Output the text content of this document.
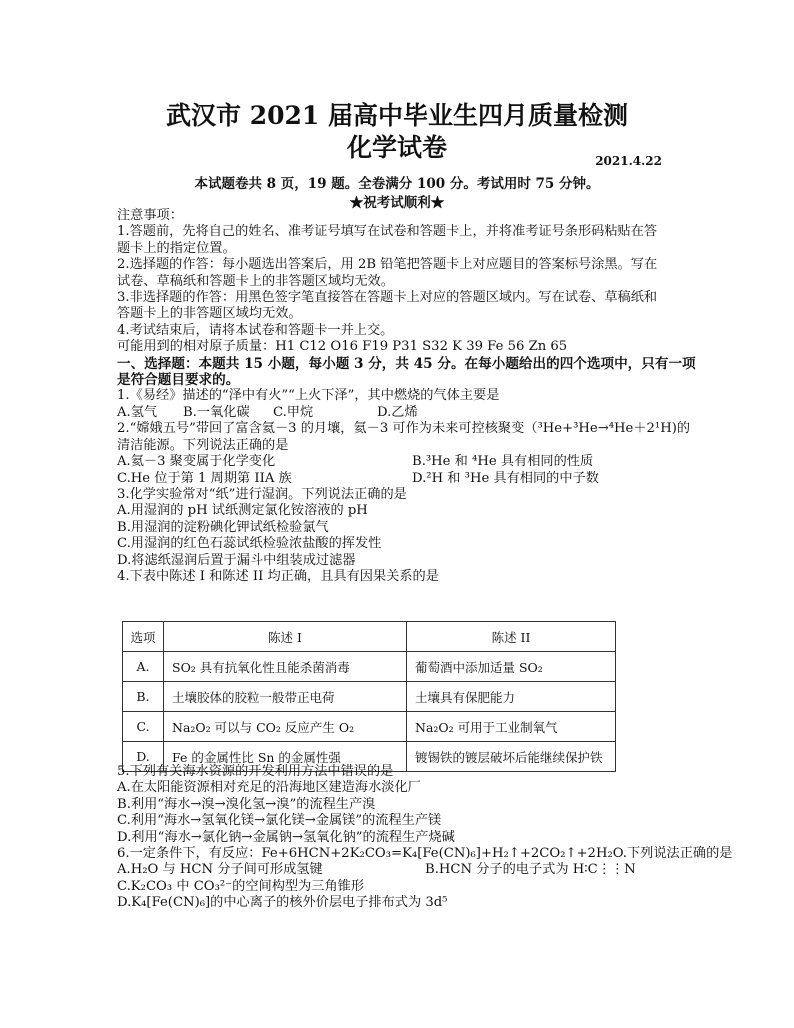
武汉市 2021 届高中毕业生四月质量检测
化学试卷	2021.4.22
本试题卷共 8 页，19 题。全卷满分 100 分。考试用时 75 分钟。
★祝考试顺利★
注意事项：
1.答题前，先将自己的姓名、准考证号填写在试卷和答题卡上，并将准考证号条形码粘贴在答
题卡上的指定位置。
2.选择题的作答：每小题选出答案后，用 2B 铅笔把答题卡上对应题目的答案标号涂黑。写在
试卷、草稿纸和答题卡上的非答题区域均无效。
3.非选择题的作答：用黑色签字笔直接答在答题卡上对应的答题区域内。写在试卷、草稿纸和
答题卡上的非答题区域均无效。
4.考试结束后，请将本试卷和答题卡一并上交。
可能用到的相对原子质量：H1 C12 O16 F19 P31 S32 K 39 Fe 56 Zn 65
一、选择题：本题共 15 小题，每小题 3 分，共 45 分。在每小题给出的四个选项中，只有一项
是符合题目要求的。
1.《易经》描述的“泽中有火”“上火下泽”，其中燃烧的气体主要是
A.氢气	B.一氧化碳	C.甲烷	D.乙烯
2.“嫦娥五号”带回了富含氦－3 的月壤，氦－3 可作为未来可控核聚变（³He+³He→⁴He＋2¹H)的
清洁能源。下列说法正确的是
A.氦－3 聚变属于化学变化	B.³He 和 ⁴He 具有相同的性质
C.He 位于第 1 周期第 IIA 族	D.²H 和 ³He 具有相同的中子数
3.化学实验常对“纸”进行湿润。下列说法正确的是
A.用湿润的 pH 试纸测定氯化铵溶液的 pH
B.用湿润的淀粉碘化钾试纸检验氯气
C.用湿润的红色石蕊试纸检验浓盐酸的挥发性
D.将滤纸湿润后置于漏斗中组装成过滤器
4.下表中陈述 I 和陈述 II 均正确，且具有因果关系的是
选项	陈述 I	陈述 II
A.	SO₂ 具有抗氧化性且能杀菌消毒	葡萄酒中添加适量 SO₂
B.	土壤胶体的胶粒一般带正电荷	土壤具有保肥能力
C.	Na₂O₂ 可以与 CO₂ 反应产生 O₂	Na₂O₂ 可用于工业制氧气
D.	Fe 的金属性比 Sn 的金属性强	镀锡铁的镀层破坏后能继续保护铁
5.下列有关海水资源的开发利用方法中错误的是
A.在太阳能资源相对充足的沿海地区建造海水淡化厂
B.利用“海水→溴→溴化氢→溴”的流程生产溴
C.利用“海水→氢氧化镁→氯化镁→金属镁”的流程生产镁
D.利用“海水→氯化钠→金属钠→氢氧化钠”的流程生产烧碱
6.一定条件下，有反应：Fe+6HCN+2K₂CO₃=K₄[Fe(CN)₆]+H₂↑+2CO₂↑+2H₂O.下列说法正确的是
A.H₂O 与 HCN 分子间可形成氢键	B.HCN 分子的电子式为 H∶C⋮⋮N
C.K₂CO₃ 中 CO₃²⁻的空间构型为三角锥形
D.K₄[Fe(CN)₆]的中心离子的核外价层电子排布式为 3d⁵
